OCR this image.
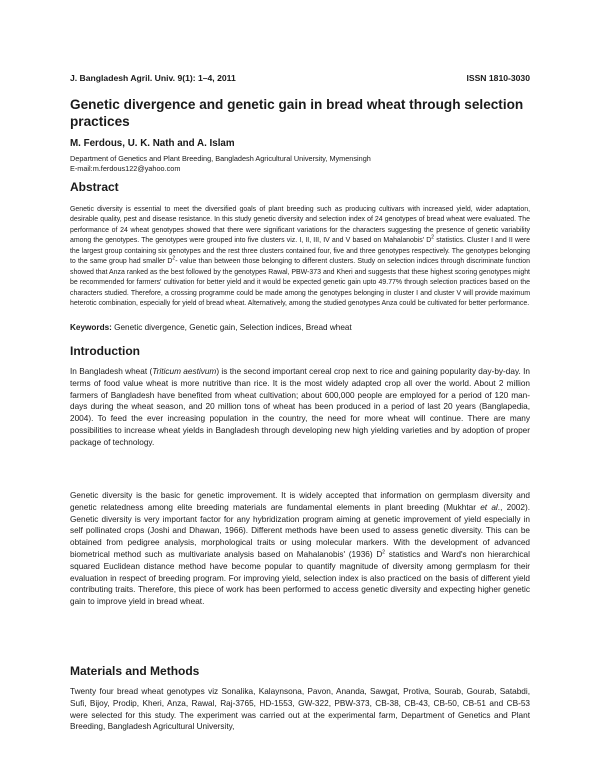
J. Bangladesh Agril. Univ. 9(1): 1–4, 2011	ISSN 1810-3030
Genetic divergence and genetic gain in bread wheat through selection practices
M. Ferdous, U. K. Nath and A. Islam
Department of Genetics and Plant Breeding, Bangladesh Agricultural University, Mymensingh
E-mail:m.ferdous122@yahoo.com
Abstract
Genetic diversity is essential to meet the diversified goals of plant breeding such as producing cultivars with increased yield, wider adaptation, desirable quality, pest and disease resistance. In this study genetic diversity and selection index of 24 genotypes of bread wheat were evaluated. The performance of 24 wheat genotypes showed that there were significant variations for the characters suggesting the presence of genetic variability among the genotypes. The genotypes were grouped into five clusters viz. I, II, III, IV and V based on Mahalanobis' $D^2$ statistics. Cluster I and II were the largest group containing six genotypes and the rest three clusters contained four, five and three genotypes respectively. The genotypes belonging to the same group had smaller $D^2-$ value than between those belonging to different clusters. Study on selection indices through discriminate function showed that Anza ranked as the best followed by the genotypes Rawal, PBW-373 and Kheri and suggests that these highest scoring genotypes might be recommended for farmers' cultivation for better yield and it would be expected genetic gain upto 49.77% through selection practices based on the characters studied. Therefore, a crossing programme could be made among the genotypes belonging in cluster I and cluster V will provide maximum heterotic combination, especially for yield of bread wheat. Alternatively, among the studied genotypes Anza could be cultivated for better performance.
Keywords: Genetic divergence, Genetic gain, Selection indices, Bread wheat
Introduction
In Bangladesh wheat (Triticum aestivum) is the second important cereal crop next to rice and gaining popularity day-by-day. In terms of food value wheat is more nutritive than rice. It is the most widely adapted crop all over the world. About 2 million farmers of Bangladesh have benefited from wheat cultivation; about 600,000 people are employed for a period of 120 man-days during the wheat season, and 20 million tons of wheat has been produced in a period of last 20 years (Banglapedia, 2004). To feed the ever increasing population in the country, the need for more wheat will continue. There are many possibilities to increase wheat yields in Bangladesh through developing new high yielding varieties and by adoption of proper package of technology.
Genetic diversity is the basic for genetic improvement. It is widely accepted that information on germplasm diversity and genetic relatedness among elite breeding materials are fundamental elements in plant breeding (Mukhtar et al., 2002). Genetic diversity is very important factor for any hybridization program aiming at genetic improvement of yield especially in self pollinated crops (Joshi and Dhawan, 1966). Different methods have been used to assess genetic diversity. This can be obtained from pedigree analysis, morphological traits or using molecular markers. With the development of advanced biometrical method such as multivariate analysis based on Mahalanobis' (1936) $D^2$ statistics and Ward's non hierarchical squared Euclidean distance method have become popular to quantify magnitude of diversity among germplasm for their evaluation in respect of breeding program. For improving yield, selection index is also practiced on the basis of different yield contributing traits. Therefore, this piece of work has been performed to access genetic diversity and expecting higher genetic gain to improve yield in bread wheat.
Materials and Methods
Twenty four bread wheat genotypes viz Sonalika, Kalaynsona, Pavon, Ananda, Sawgat, Protiva, Sourab, Gourab, Satabdi, Sufi, Bijoy, Prodip, Kheri, Anza, Rawal, Raj-3765, HD-1553, GW-322, PBW-373, CB-38, CB-43, CB-50, CB-51 and CB-53 were selected for this study. The experiment was carried out at the experimental farm, Department of Genetics and Plant Breeding, Bangladesh Agricultural University,
